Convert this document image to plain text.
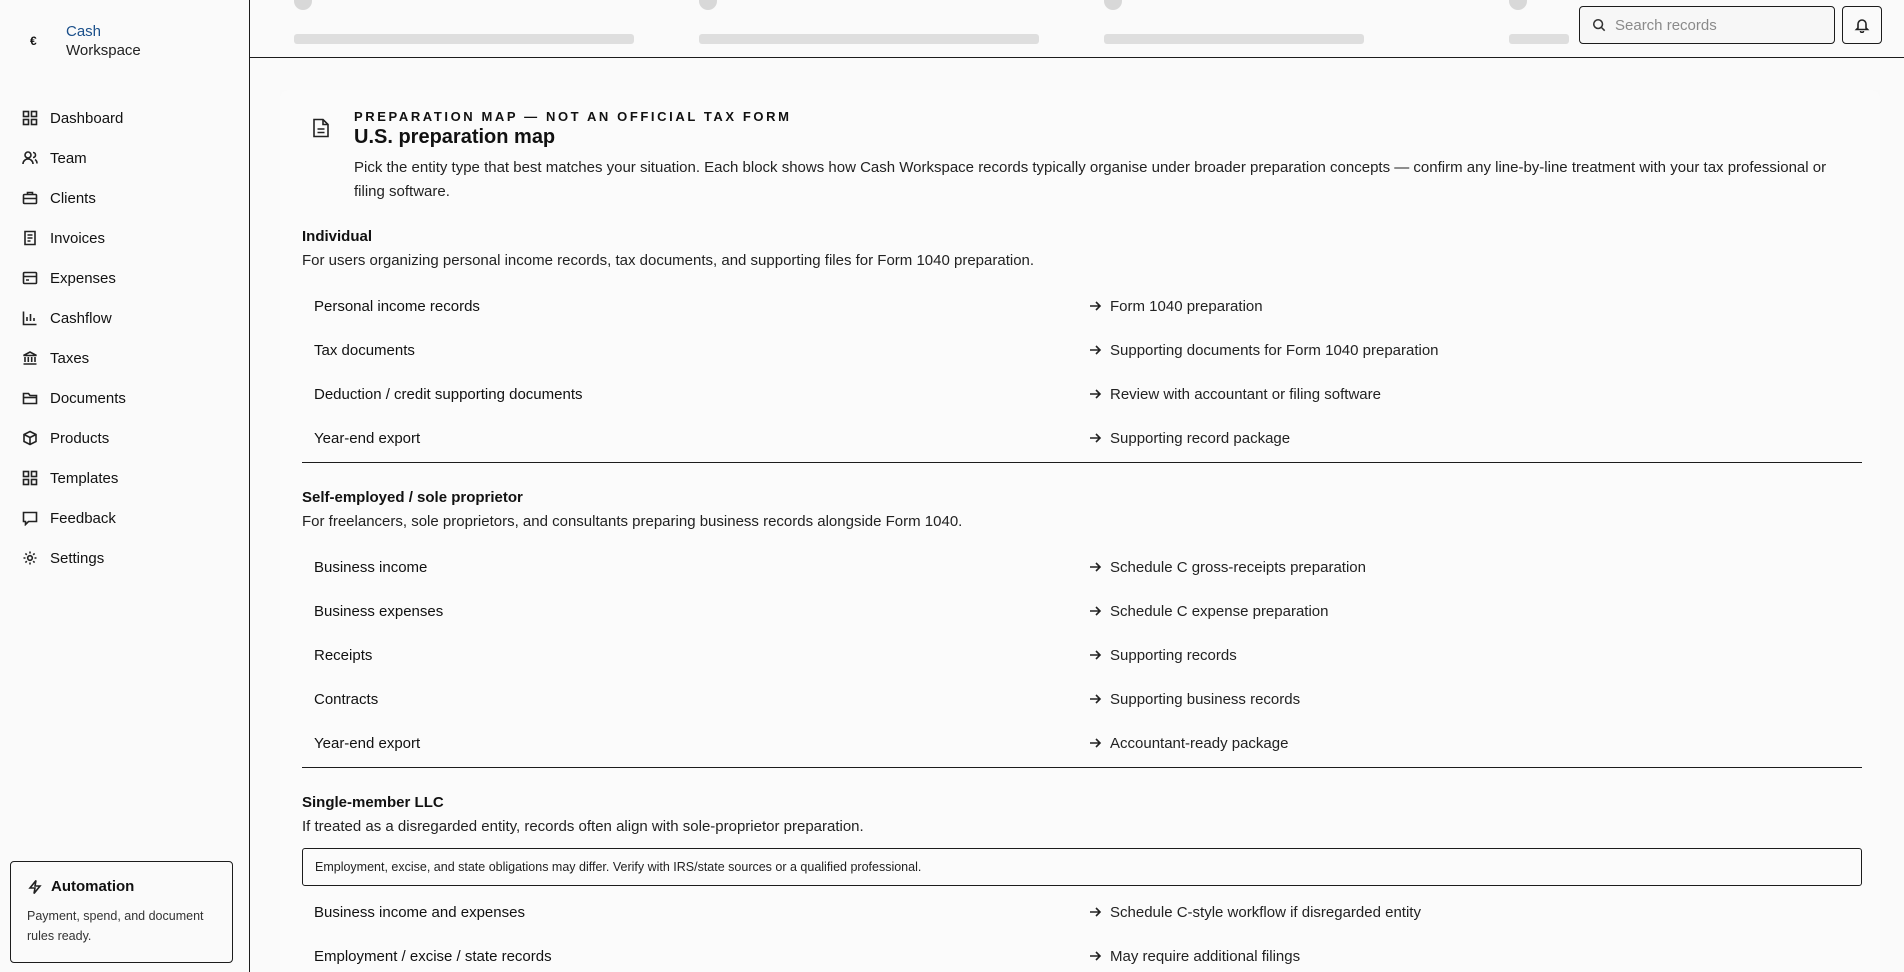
€
Cash
Workspace
Dashboard
Team
Clients
Invoices
Expenses
Cashflow
Taxes
Documents
Products
Templates
Feedback
Settings
Automation
Payment, spend, and document rules ready.
Search records
PREPARATION MAP — NOT AN OFFICIAL TAX FORM
U.S. preparation map

Pick the entity type that best matches your situation. Each block shows how Cash Workspace records typically organise under broader preparation concepts — confirm any line-by-line treatment with your tax professional or filing software.

Individual
For users organizing personal income records, tax documents, and supporting files for Form 1040 preparation.
Personal income records	Form 1040 preparation
Tax documents	Supporting documents for Form 1040 preparation
Deduction / credit supporting documents	Review with accountant or filing software
Year-end export	Supporting record package
Self-employed / sole proprietor
For freelancers, sole proprietors, and consultants preparing business records alongside Form 1040.
Business income	Schedule C gross-receipts preparation
Business expenses	Schedule C expense preparation
Receipts	Supporting records
Contracts	Supporting business records
Year-end export	Accountant-ready package
Single-member LLC
If treated as a disregarded entity, records often align with sole-proprietor preparation.
Employment, excise, and state obligations may differ. Verify with IRS/state sources or a qualified professional.
Business income and expenses	Schedule C-style workflow if disregarded entity
Employment / excise / state records	May require additional filings
